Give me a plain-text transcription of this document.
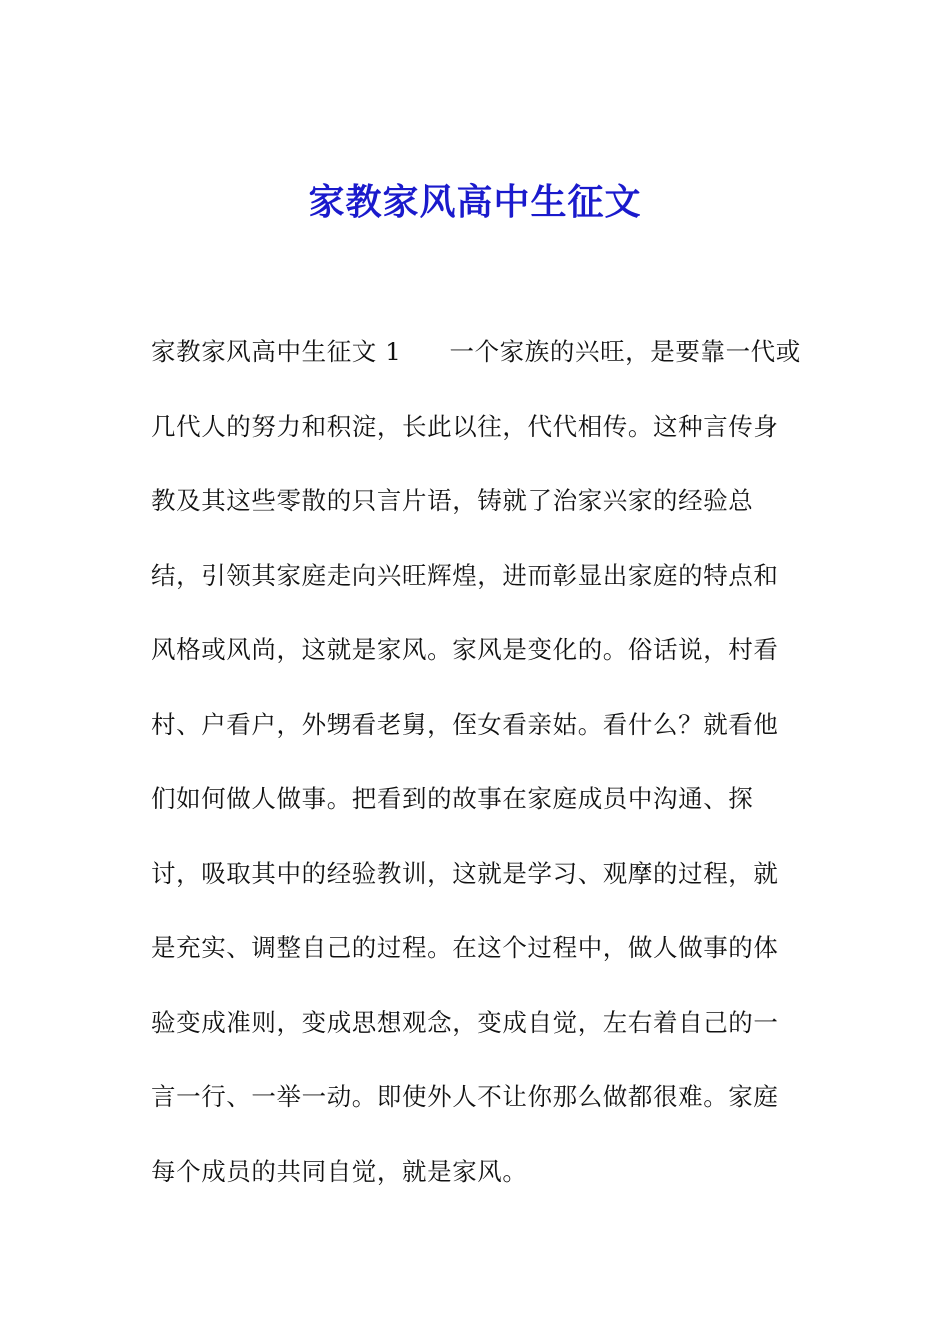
家教家风高中生征文
家教家风高中生征文 1 一个家族的兴旺，是要靠一代或
几代人的努力和积淀，长此以往，代代相传。这种言传身
教及其这些零散的只言片语，铸就了治家兴家的经验总
结，引领其家庭走向兴旺辉煌，进而彰显出家庭的特点和
风格或风尚，这就是家风。家风是变化的。俗话说，村看
村、户看户，外甥看老舅，侄女看亲姑。看什么？就看他
们如何做人做事。把看到的故事在家庭成员中沟通、探
讨，吸取其中的经验教训，这就是学习、观摩的过程，就
是充实、调整自己的过程。在这个过程中，做人做事的体
验变成准则，变成思想观念，变成自觉，左右着自己的一
言一行、一举一动。即使外人不让你那么做都很难。家庭
每个成员的共同自觉，就是家风。
